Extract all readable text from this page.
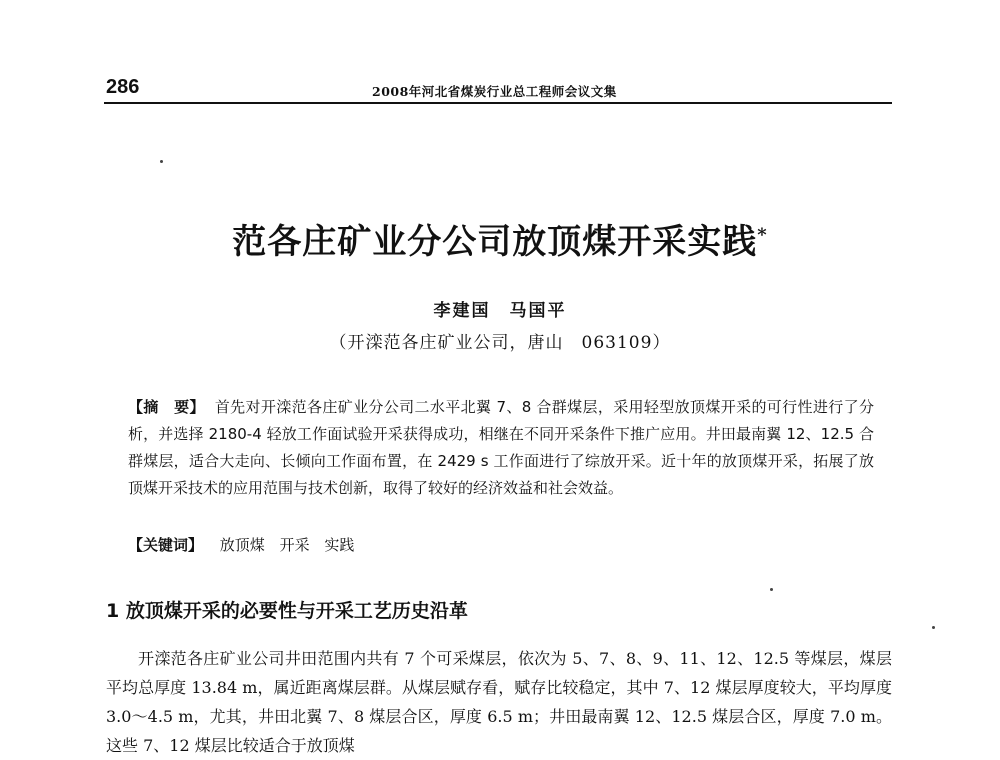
286	2008年河北省煤炭行业总工程师会议文集
范各庄矿业分公司放顶煤开采实践*
李建国　马国平
（开滦范各庄矿业公司，唐山　063109）
【摘　要】 首先对开滦范各庄矿业分公司二水平北翼 7、8 合群煤层，采用轻型放顶煤开采的可行性进行了分析，并选择 2180-4 轻放工作面试验开采获得成功，相继在不同开采条件下推广应用。井田最南翼 12、12.5 合群煤层，适合大走向、长倾向工作面布置，在 2429 s 工作面进行了综放开采。近十年的放顶煤开采，拓展了放顶煤开采技术的应用范围与技术创新，取得了较好的经济效益和社会效益。
【关键词】 放顶煤 开采 实践
1 放顶煤开采的必要性与开采工艺历史沿革
开滦范各庄矿业公司井田范围内共有 7 个可采煤层，依次为 5、7、8、9、11、12、12.5 等煤层，煤层平均总厚度 13.84 m，属近距离煤层群。从煤层赋存看，赋存比较稳定，其中 7、12 煤层厚度较大，平均厚度 3.0～4.5 m，尤其，井田北翼 7、8 煤层合区，厚度 6.5 m；井田最南翼 12、12.5 煤层合区，厚度 7.0 m。这些 7、12 煤层比较适合于放顶煤
